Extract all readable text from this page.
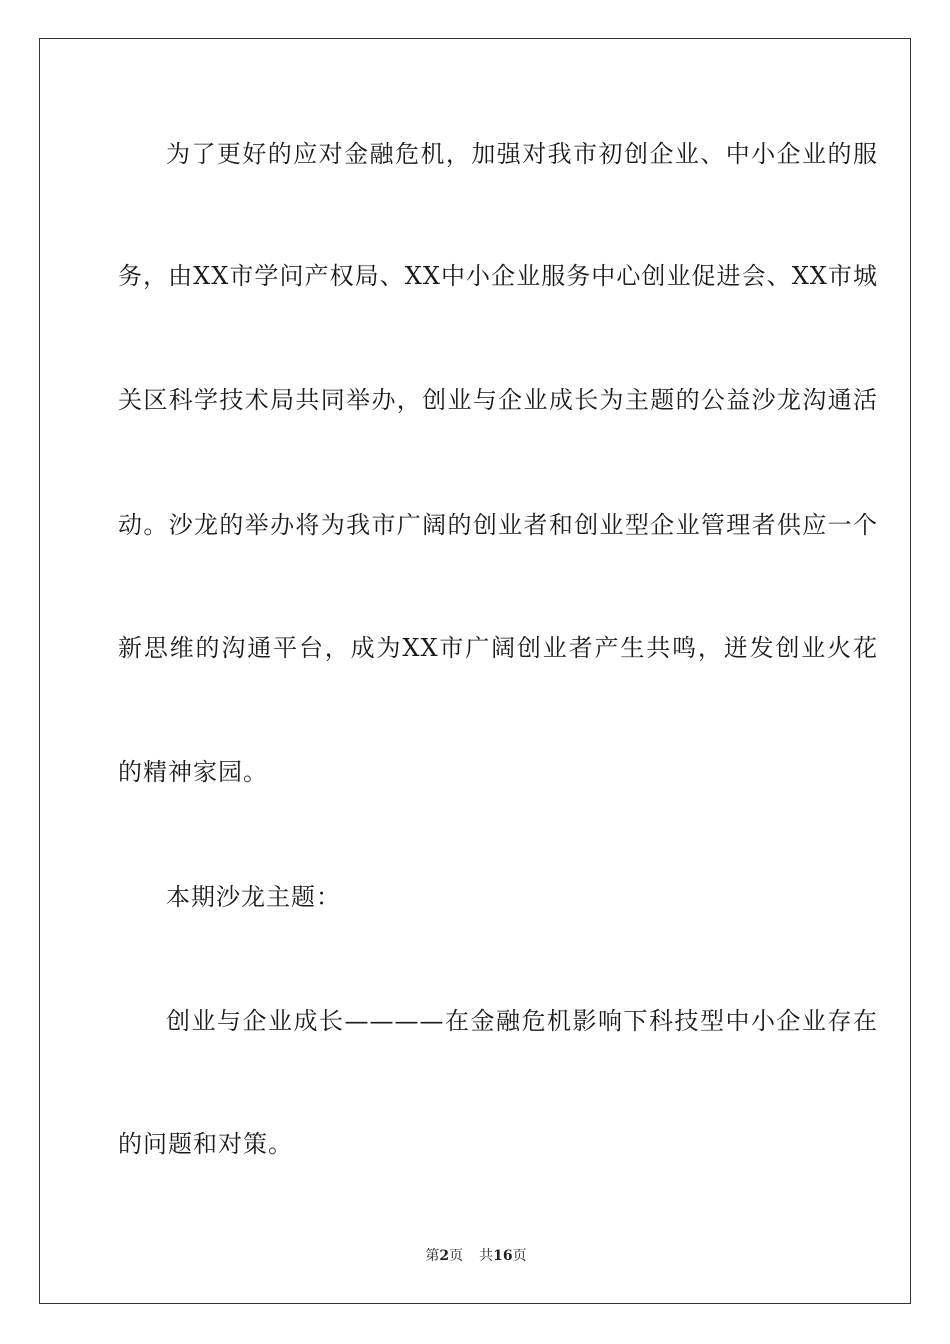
为了更好的应对金融危机，加强对我市初创企业、中小企业的服
务，由XX市学问产权局、XX中小企业服务中心创业促进会、XX市城
关区科学技术局共同举办，创业与企业成长为主题的公益沙龙沟通活
动。沙龙的举办将为我市广阔的创业者和创业型企业管理者供应一个
新思维的沟通平台，成为XX市广阔创业者产生共鸣，迸发创业火花
的精神家园。
本期沙龙主题：
创业与企业成长————在金融危机影响下科技型中小企业存在
的问题和对策。
第2页 共16页
